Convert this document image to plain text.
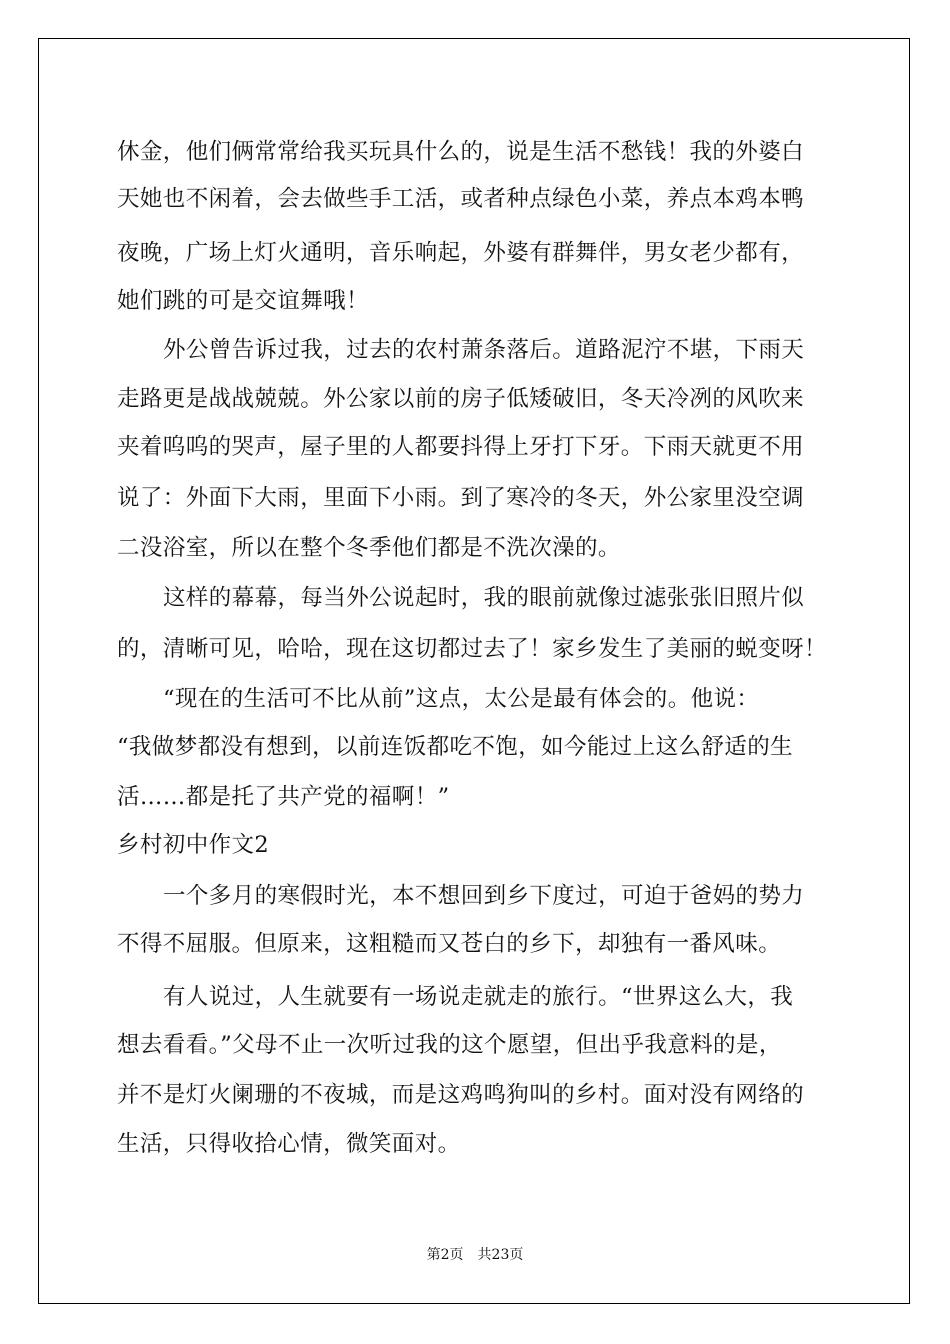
休金，他们俩常常给我买玩具什么的，说是生活不愁钱！我的外婆白
天她也不闲着，会去做些手工活，或者种点绿色小菜，养点本鸡本鸭
夜晚，广场上灯火通明，音乐响起，外婆有群舞伴，男女老少都有，
她们跳的可是交谊舞哦！
外公曾告诉过我，过去的农村萧条落后。道路泥泞不堪，下雨天
走路更是战战兢兢。外公家以前的房子低矮破旧，冬天冷冽的风吹来
夹着呜呜的哭声，屋子里的人都要抖得上牙打下牙。下雨天就更不用
说了：外面下大雨，里面下小雨。到了寒冷的冬天，外公家里没空调
二没浴室，所以在整个冬季他们都是不洗次澡的。
这样的幕幕，每当外公说起时，我的眼前就像过滤张张旧照片似
的，清晰可见，哈哈，现在这切都过去了！家乡发生了美丽的蜕变呀！
“现在的生活可不比从前”这点，太公是最有体会的。他说：
“我做梦都没有想到，以前连饭都吃不饱，如今能过上这么舒适的生
活……都是托了共产党的福啊！”
乡村初中作文2
一个多月的寒假时光，本不想回到乡下度过，可迫于爸妈的势力
不得不屈服。但原来，这粗糙而又苍白的乡下，却独有一番风味。
有人说过，人生就要有一场说走就走的旅行。“世界这么大，我
想去看看。”父母不止一次听过我的这个愿望，但出乎我意料的是，
并不是灯火阑珊的不夜城，而是这鸡鸣狗叫的乡村。面对没有网络的
生活，只得收拾心情，微笑面对。
第2页　共23页
